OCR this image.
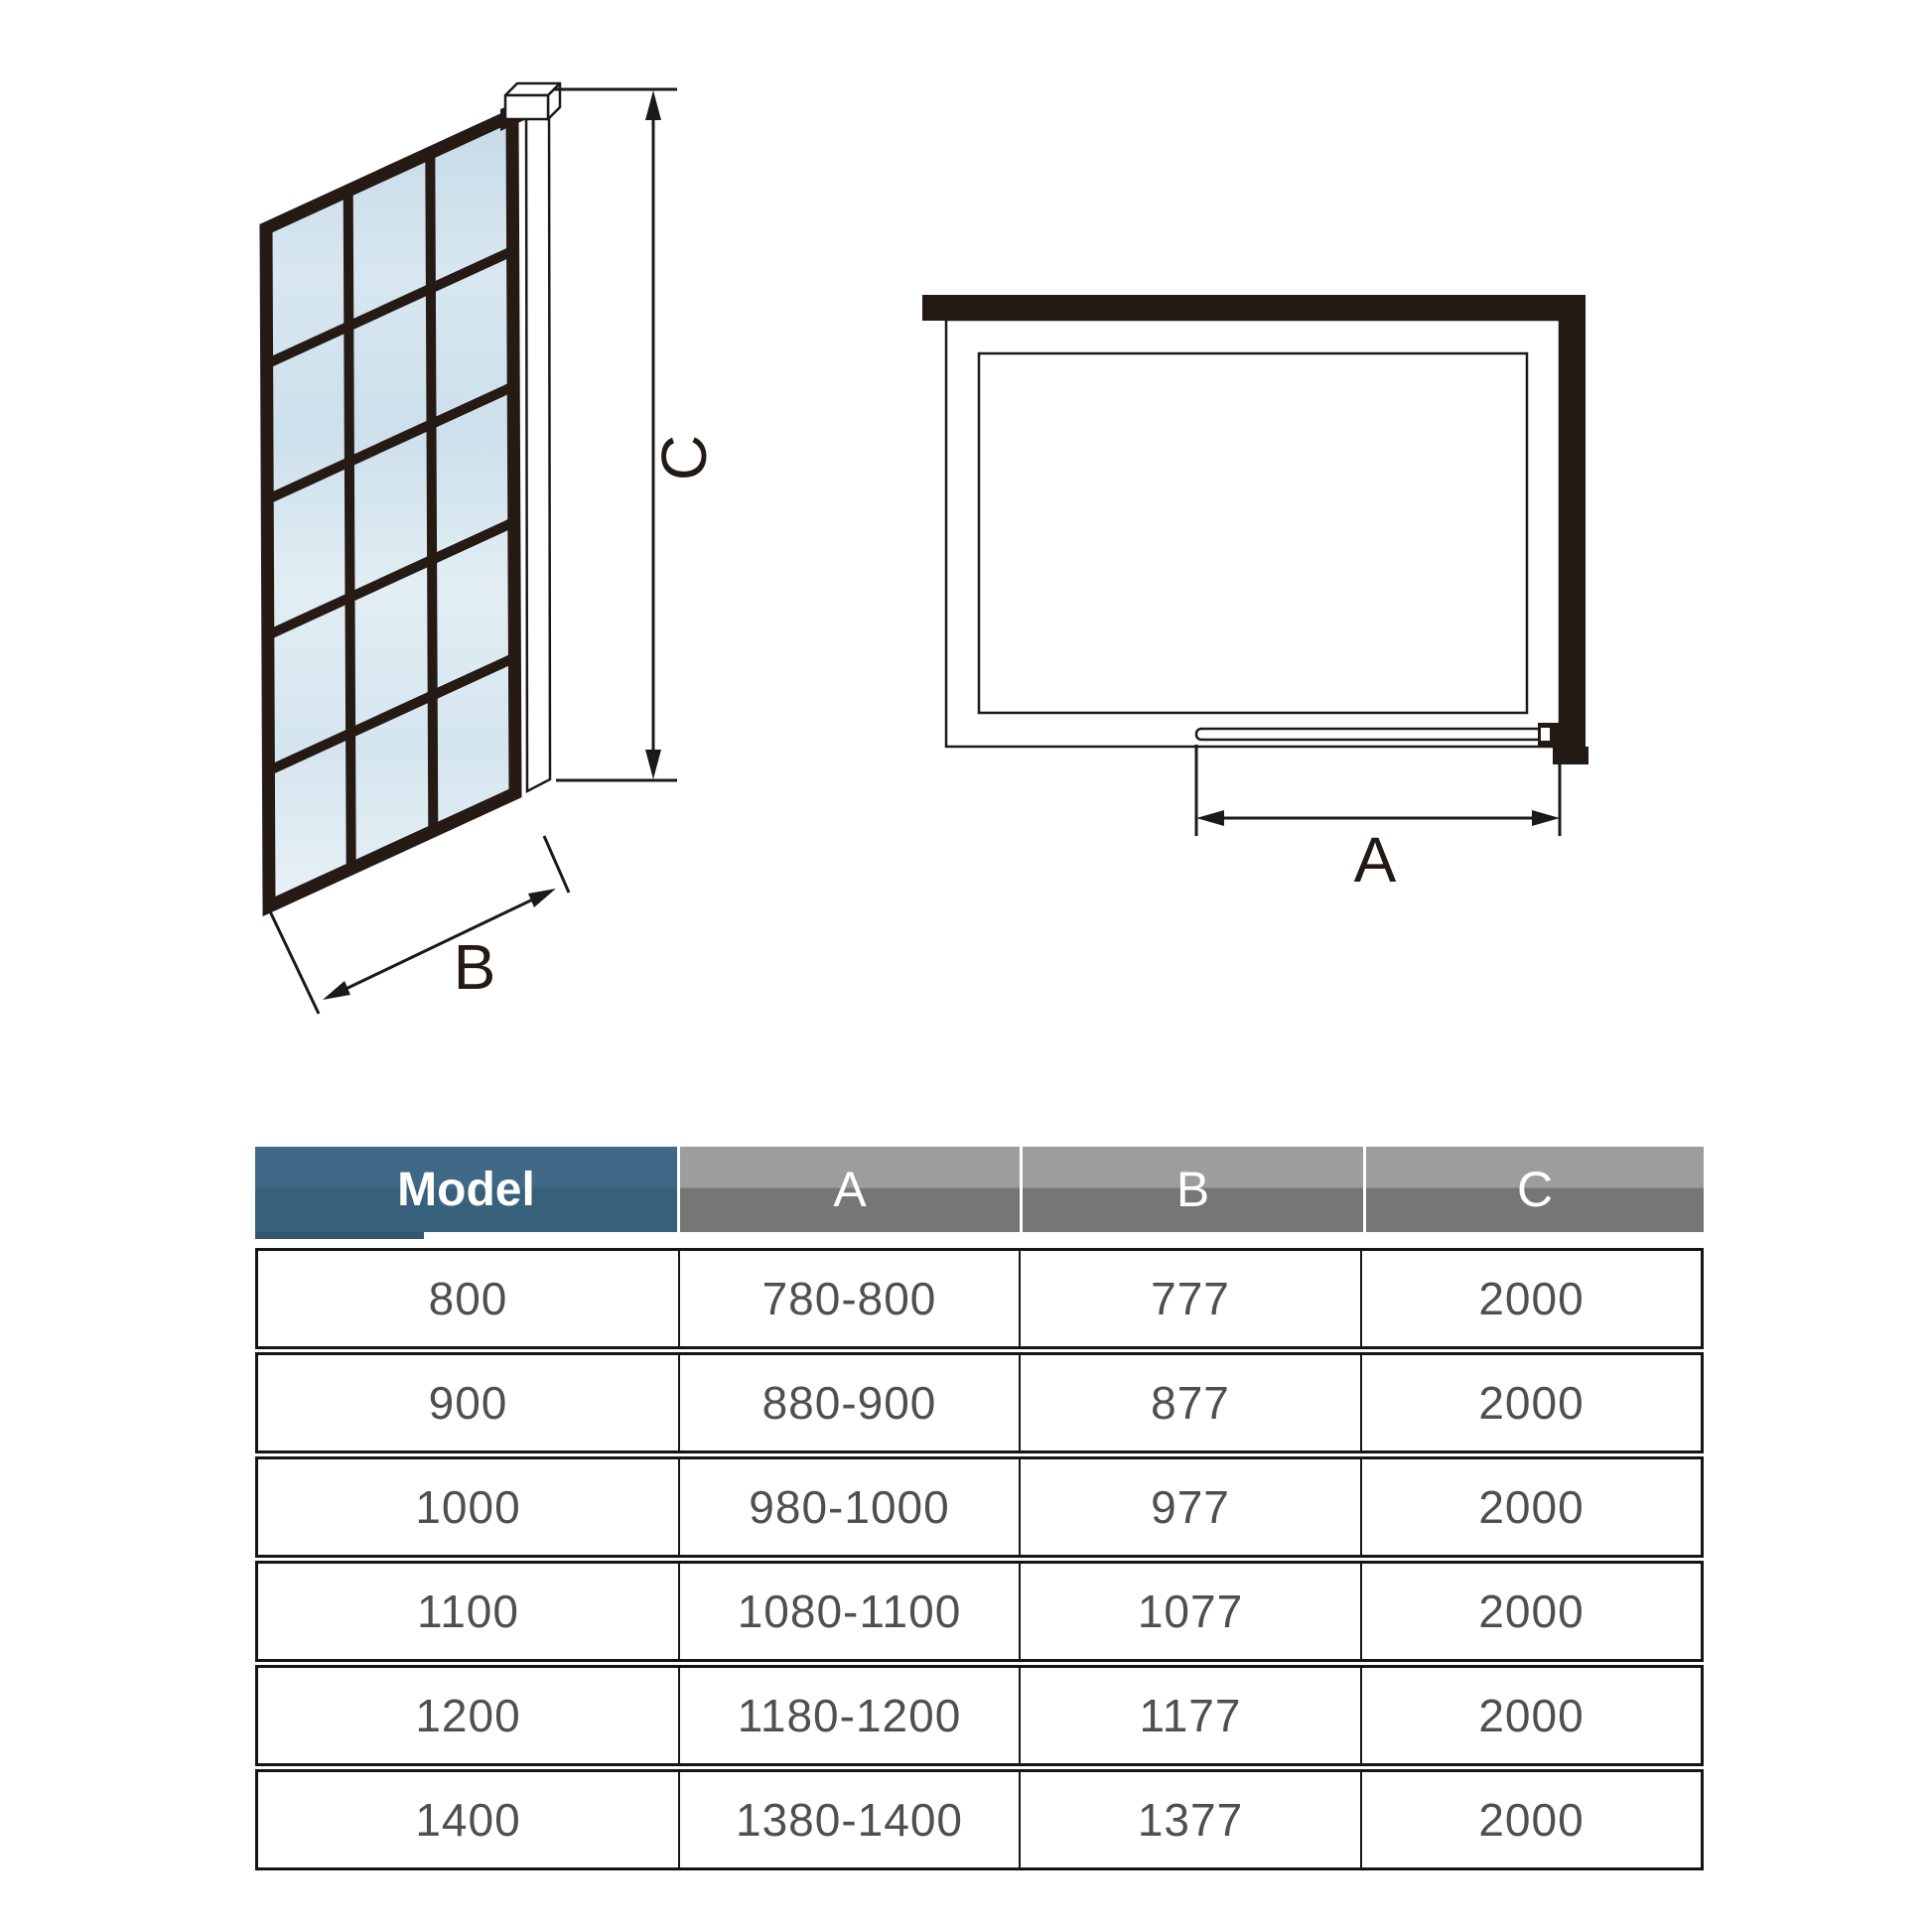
C
B
A
Model	A	B	C
800	780-800	777	2000
900	880-900	877	2000
1000	980-1000	977	2000
1100	1080-1100	1077	2000
1200	1180-1200	1177	2000
1400	1380-1400	1377	2000
